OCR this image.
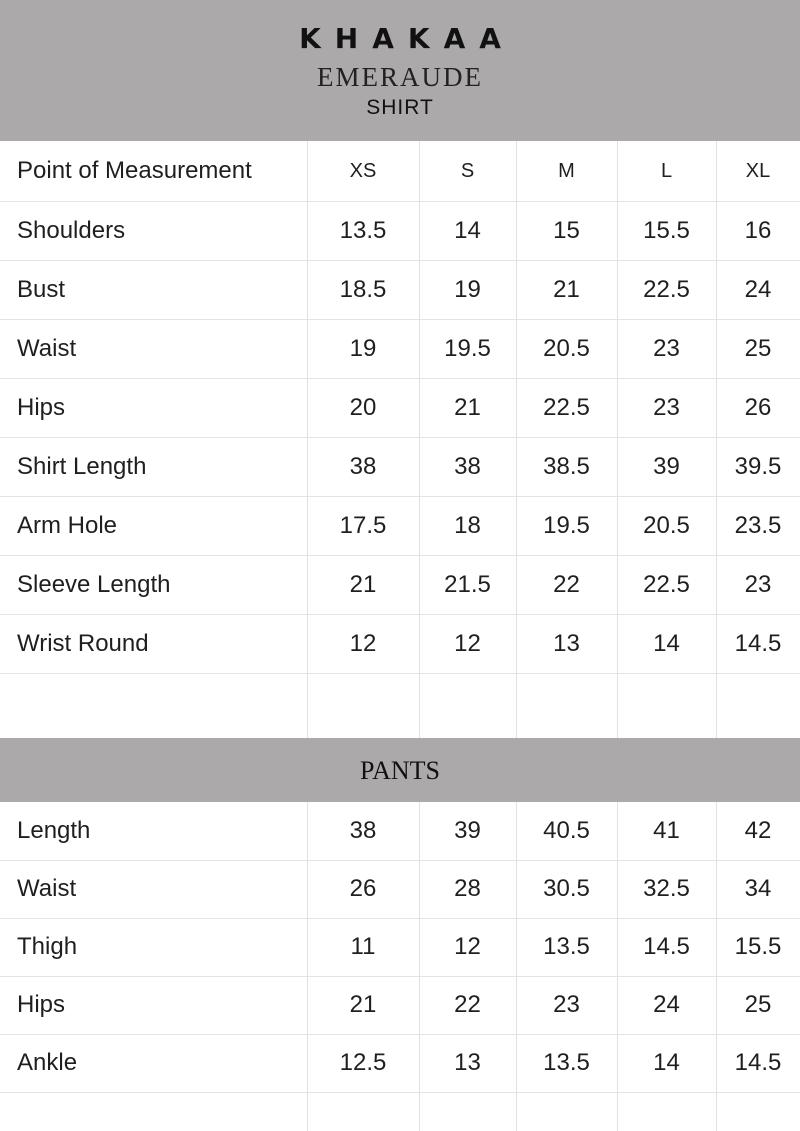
KHAKAA
EMERAUDE
SHIRT
Point of Measurement	XS	S	M	L	XL
Shoulders	13.5	14	15	15.5	16
Bust	18.5	19	21	22.5	24
Waist	19	19.5	20.5	23	25
Hips	20	21	22.5	23	26
Shirt Length	38	38	38.5	39	39.5
Arm Hole	17.5	18	19.5	20.5	23.5
Sleeve Length	21	21.5	22	22.5	23
Wrist Round	12	12	13	14	14.5
PANTS
Length	38	39	40.5	41	42
Waist	26	28	30.5	32.5	34
Thigh	11	12	13.5	14.5	15.5
Hips	21	22	23	24	25
Ankle	12.5	13	13.5	14	14.5
